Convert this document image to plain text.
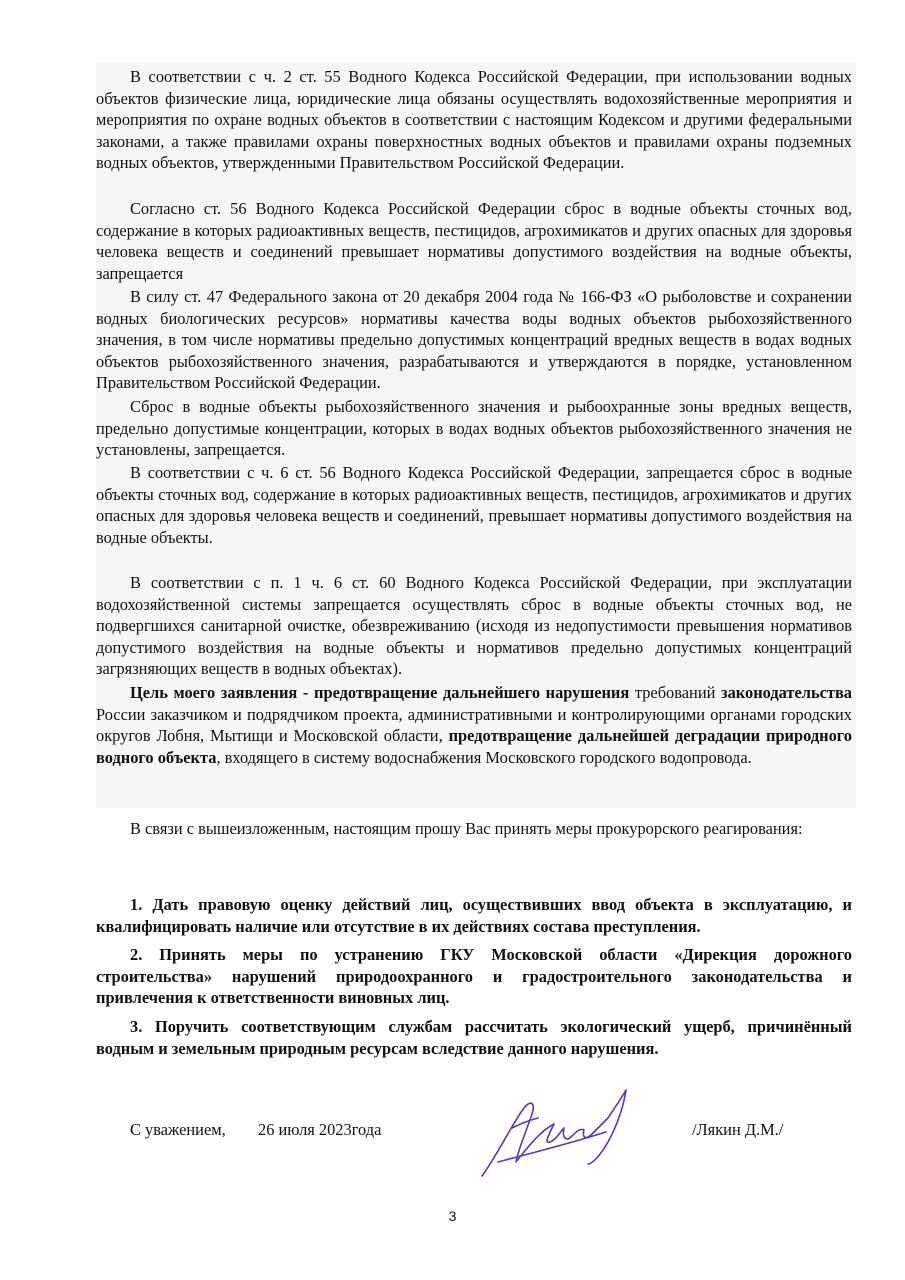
В соответствии с ч. 2 ст. 55 Водного Кодекса Российской Федерации, при использовании водных объектов физические лица, юридические лица обязаны осуществлять водохозяйственные мероприятия и мероприятия по охране водных объектов в соответствии с настоящим Кодексом и другими федеральными законами, а также правилами охраны поверхностных водных объектов и правилами охраны подземных водных объектов, утвержденными Правительством Российской Федерации.

Согласно ст. 56 Водного Кодекса Российской Федерации сброс в водные объекты сточных вод, содержание в которых радиоактивных веществ, пестицидов, агрохимикатов и других опасных для здоровья человека веществ и соединений превышает нормативы допустимого воздействия на водные объекты, запрещается

В силу ст. 47 Федерального закона от 20 декабря 2004 года № 166-ФЗ «О рыболовстве и сохранении водных биологических ресурсов» нормативы качества воды водных объектов рыбохозяйственного значения, в том числе нормативы предельно допустимых концентраций вредных веществ в водах водных объектов рыбохозяйственного значения, разрабатываются и утверждаются в порядке, установленном Правительством Российской Федерации.

Сброс в водные объекты рыбохозяйственного значения и рыбоохранные зоны вредных веществ, предельно допустимые концентрации, которых в водах водных объектов рыбохозяйственного значения не установлены, запрещается.

В соответствии с ч. 6 ст. 56 Водного Кодекса Российской Федерации, запрещается сброс в водные объекты сточных вод, содержание в которых радиоактивных веществ, пестицидов, агрохимикатов и других опасных для здоровья человека веществ и соединений, превышает нормативы допустимого воздействия на водные объекты.

В соответствии с п. 1 ч. 6 ст. 60 Водного Кодекса Российской Федерации, при эксплуатации водохозяйственной системы запрещается осуществлять сброс в водные объекты сточных вод, не подвергшихся санитарной очистке, обезвреживанию (исходя из недопустимости превышения нормативов допустимого воздействия на водные объекты и нормативов предельно допустимых концентраций загрязняющих веществ в водных объектах).

Цель моего заявления - предотвращение дальнейшего нарушения требований законодательства России заказчиком и подрядчиком проекта, административными и контролирующими органами городских округов Лобня, Мытищи и Московской области, предотвращение дальнейшей деградации природного водного объекта, входящего в систему водоснабжения Московского городского водопровода.

В связи с вышеизложенным, настоящим прошу Вас принять меры прокурорского реагирования:

1. Дать правовую оценку действий лиц, осуществивших ввод объекта в эксплуатацию, и квалифицировать наличие или отсутствие в их действиях состава преступления.

2. Принять меры по устранению ГКУ Московской области «Дирекция дорожного строительства» нарушений природоохранного и градостроительного законодательства и привлечения к ответственности виновных лиц.

3. Поручить соответствующим службам рассчитать экологический ущерб, причинённый водным и земельным природным ресурсам вследствие данного нарушения.

С уважением, 26 июля 2023года	/Лякин Д.М./
3
